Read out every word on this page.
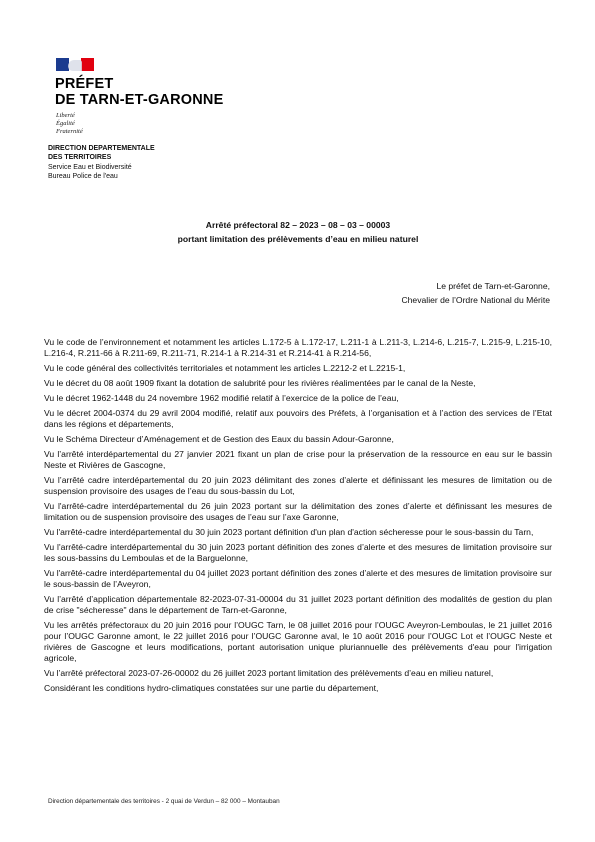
PRÉFET
DE TARN-ET-GARONNE
Liberté
Égalité
Fraternité
DIRECTION DEPARTEMENTALE
DES TERRITOIRES
Service Eau et Biodiversité
Bureau Police de l'eau
Arrêté préfectoral 82 – 2023 – 08 – 03 – 00003
portant limitation des prélèvements d’eau en milieu naturel
Le préfet de Tarn-et-Garonne,
Chevalier de l’Ordre National du Mérite

Vu le code de l’environnement et notamment les articles L.172-5 à L.172-17, L.211-1 à L.211-3, L.214-6, L.215-7, L.215-9, L.215-10, L.216-4, R.211-66 à R.211-69, R.211-71, R.214-1 à R.214-31 et R.214-41 à R.214-56,

Vu le code général des collectivités territoriales et notamment les articles L.2212-2 et L.2215-1,

Vu le décret du 08 août 1909 fixant la dotation de salubrité pour les rivières réalimentées par le canal de la Neste,

Vu le décret 1962-1448 du 24 novembre 1962 modifié relatif à l’exercice de la police de l’eau,

Vu le décret 2004-0374 du 29 avril 2004 modifié, relatif aux pouvoirs des Préfets, à l’organisation et à l’action des services de l’Etat dans les régions et départements,

Vu le Schéma Directeur d’Aménagement et de Gestion des Eaux du bassin Adour-Garonne,

Vu l’arrêté interdépartemental du 27 janvier 2021 fixant un plan de crise pour la préservation de la ressource en eau sur le bassin Neste et Rivières de Gascogne,

Vu l’arrêté cadre interdépartemental du 20 juin 2023 délimitant des zones d’alerte et définissant les mesures de limitation ou de suspension provisoire des usages de l’eau du sous-bassin du Lot,

Vu l'arrêté-cadre interdépartemental du 26 juin 2023 portant sur la délimitation des zones d’alerte et définissant les mesures de limitation ou de suspension provisoire des usages de l’eau sur l’axe Garonne,

Vu l'arrêté-cadre interdépartemental du 30 juin 2023 portant définition d'un plan d'action sécheresse pour le sous-bassin du Tarn,

Vu l'arrêté-cadre interdépartemental du 30 juin 2023 portant définition des zones d’alerte et des mesures de limitation provisoire sur les sous-bassins du Lemboulas et de la Barguelonne,

Vu l'arrêté-cadre interdépartemental du 04 juillet 2023 portant définition des zones d’alerte et des mesures de limitation provisoire sur le sous-bassin de l’Aveyron,

Vu l’arrêté d’application départementale 82-2023-07-31-00004 du 31 juillet 2023 portant définition des modalités de gestion du plan de crise "sécheresse" dans le département de Tarn-et-Garonne,

Vu les arrêtés préfectoraux du 20 juin 2016 pour l’OUGC Tarn, le 08 juillet 2016 pour l’OUGC Aveyron-Lemboulas, le 21 juillet 2016 pour l’OUGC Garonne amont, le 22 juillet 2016 pour l’OUGC Garonne aval, le 10 août 2016 pour l’OUGC Lot et l’OUGC Neste et rivières de Gascogne et leurs modifications, portant autorisation unique pluriannuelle des prélèvements d'eau pour l'irrigation agricole,

Vu l’arrêté préfectoral 2023-07-26-00002 du 26 juillet 2023 portant limitation des prélèvements d’eau en milieu naturel,

Considérant les conditions hydro-climatiques constatées sur une partie du département,

Direction départementale des territoires - 2 quai de Verdun – 82 000 – Montauban
